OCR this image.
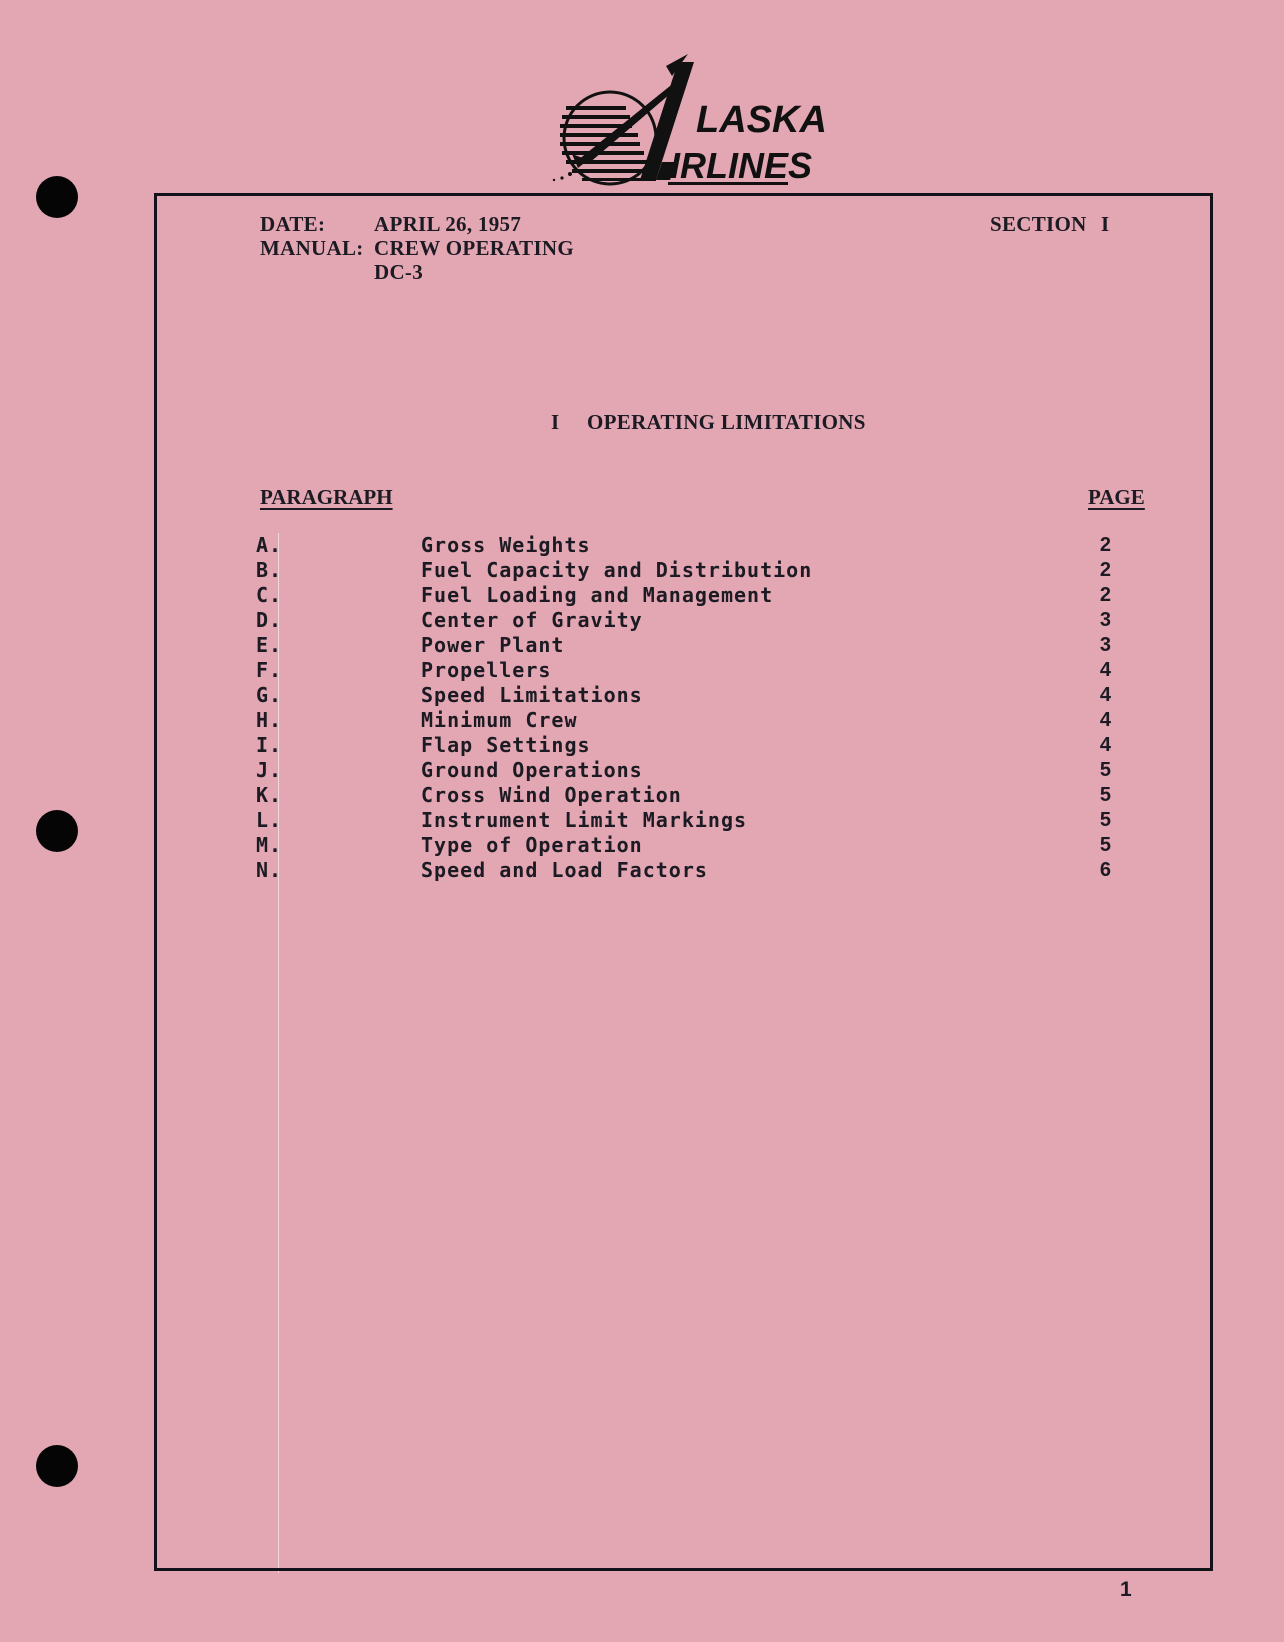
LASKA
IRLINES
DATE: APRIL 26, 1957
MANUAL: CREW OPERATING
DC-3
SECTION I
I OPERATING LIMITATIONS
PARAGRAPH	PAGE
A.	Gross Weights	2
B.	Fuel Capacity and Distribution	2
C.	Fuel Loading and Management	2
D.	Center of Gravity	3
E.	Power Plant	3
F.	Propellers	4
G.	Speed Limitations	4
H.	Minimum Crew	4
I.	Flap Settings	4
J.	Ground Operations	5
K.	Cross Wind Operation	5
L.	Instrument Limit Markings	5
M.	Type of Operation	5
N.	Speed and Load Factors	6
1
